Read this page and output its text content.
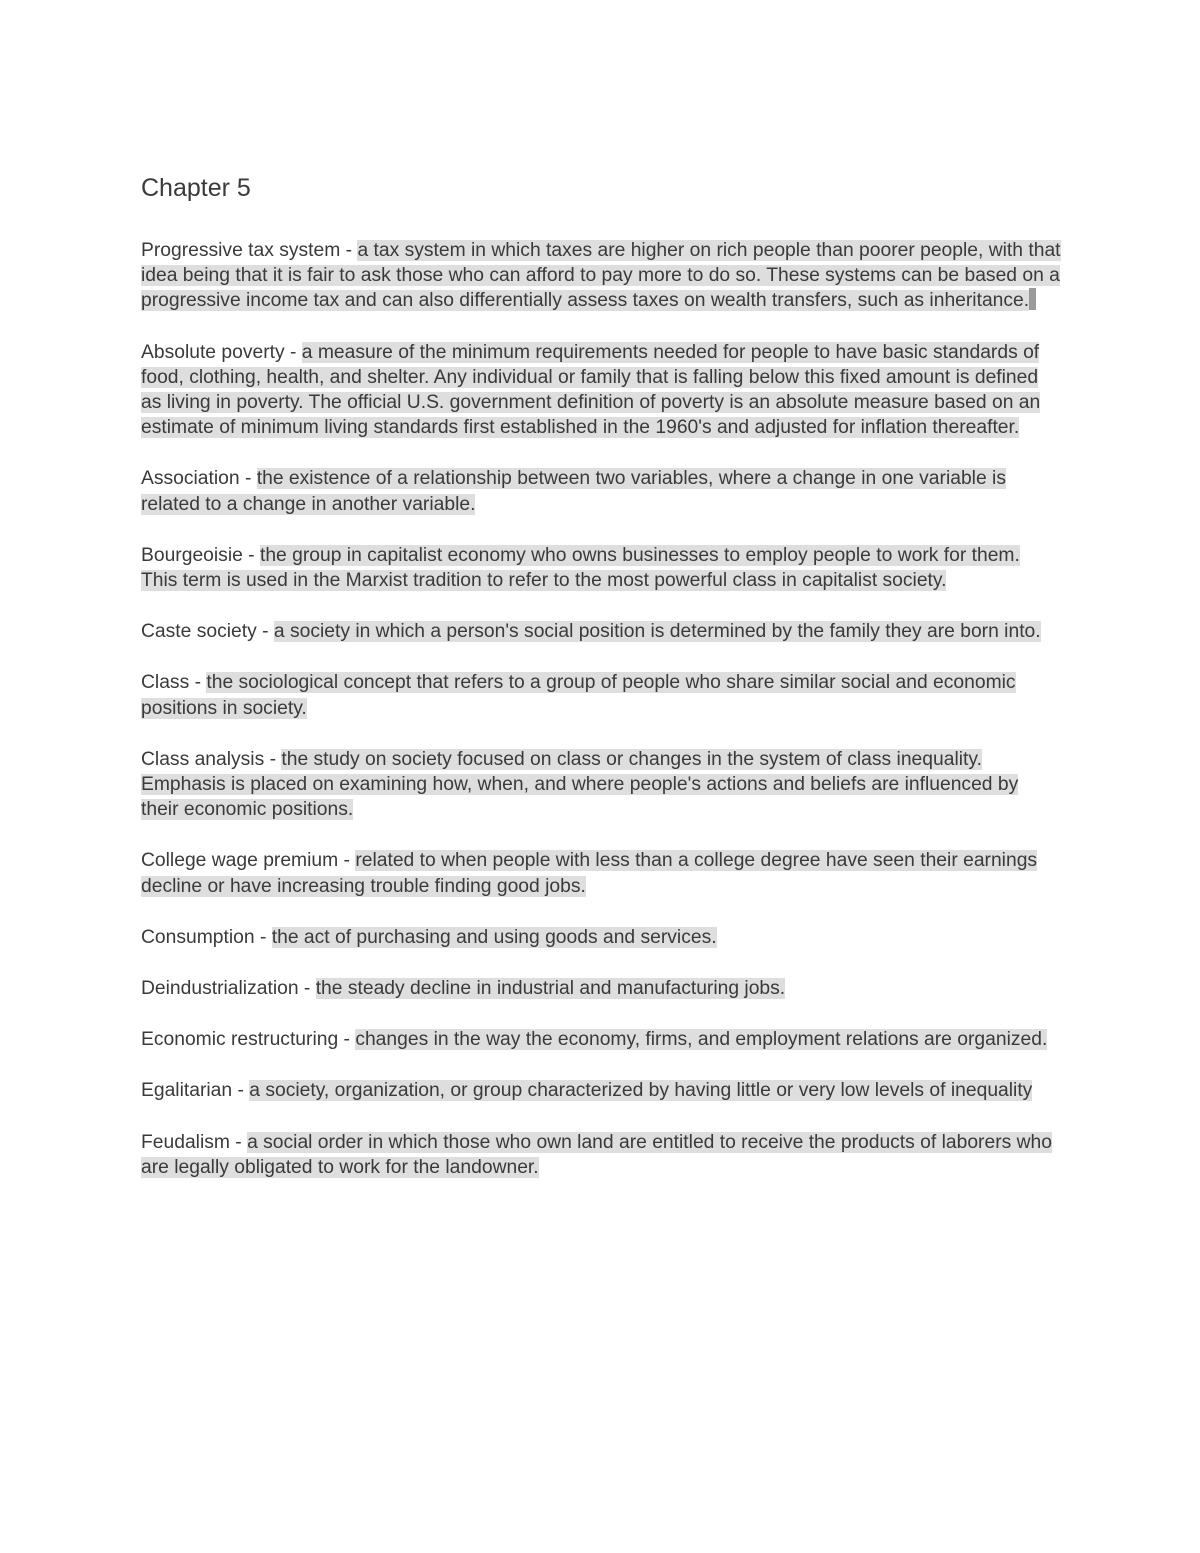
Chapter 5

Progressive tax system - a tax system in which taxes are higher on rich people than poorer people, with that idea being that it is fair to ask those who can afford to pay more to do so. These systems can be based on a progressive income tax and can also differentially assess taxes on wealth transfers, such as inheritance.

Absolute poverty - a measure of the minimum requirements needed for people to have basic standards of food, clothing, health, and shelter. Any individual or family that is falling below this fixed amount is defined as living in poverty. The official U.S. government definition of poverty is an absolute measure based on an estimate of minimum living standards first established in the 1960's and adjusted for inflation thereafter.

Association - the existence of a relationship between two variables, where a change in one variable is related to a change in another variable.

Bourgeoisie - the group in capitalist economy who owns businesses to employ people to work for them. This term is used in the Marxist tradition to refer to the most powerful class in capitalist society.

Caste society - a society in which a person's social position is determined by the family they are born into.

Class - the sociological concept that refers to a group of people who share similar social and economic positions in society.

Class analysis - the study on society focused on class or changes in the system of class inequality. Emphasis is placed on examining how, when, and where people's actions and beliefs are influenced by their economic positions.

College wage premium - related to when people with less than a college degree have seen their earnings decline or have increasing trouble finding good jobs.

Consumption - the act of purchasing and using goods and services.

Deindustrialization - the steady decline in industrial and manufacturing jobs.

Economic restructuring - changes in the way the economy, firms, and employment relations are organized.

Egalitarian - a society, organization, or group characterized by having little or very low levels of inequality

Feudalism - a social order in which those who own land are entitled to receive the products of laborers who are legally obligated to work for the landowner.
